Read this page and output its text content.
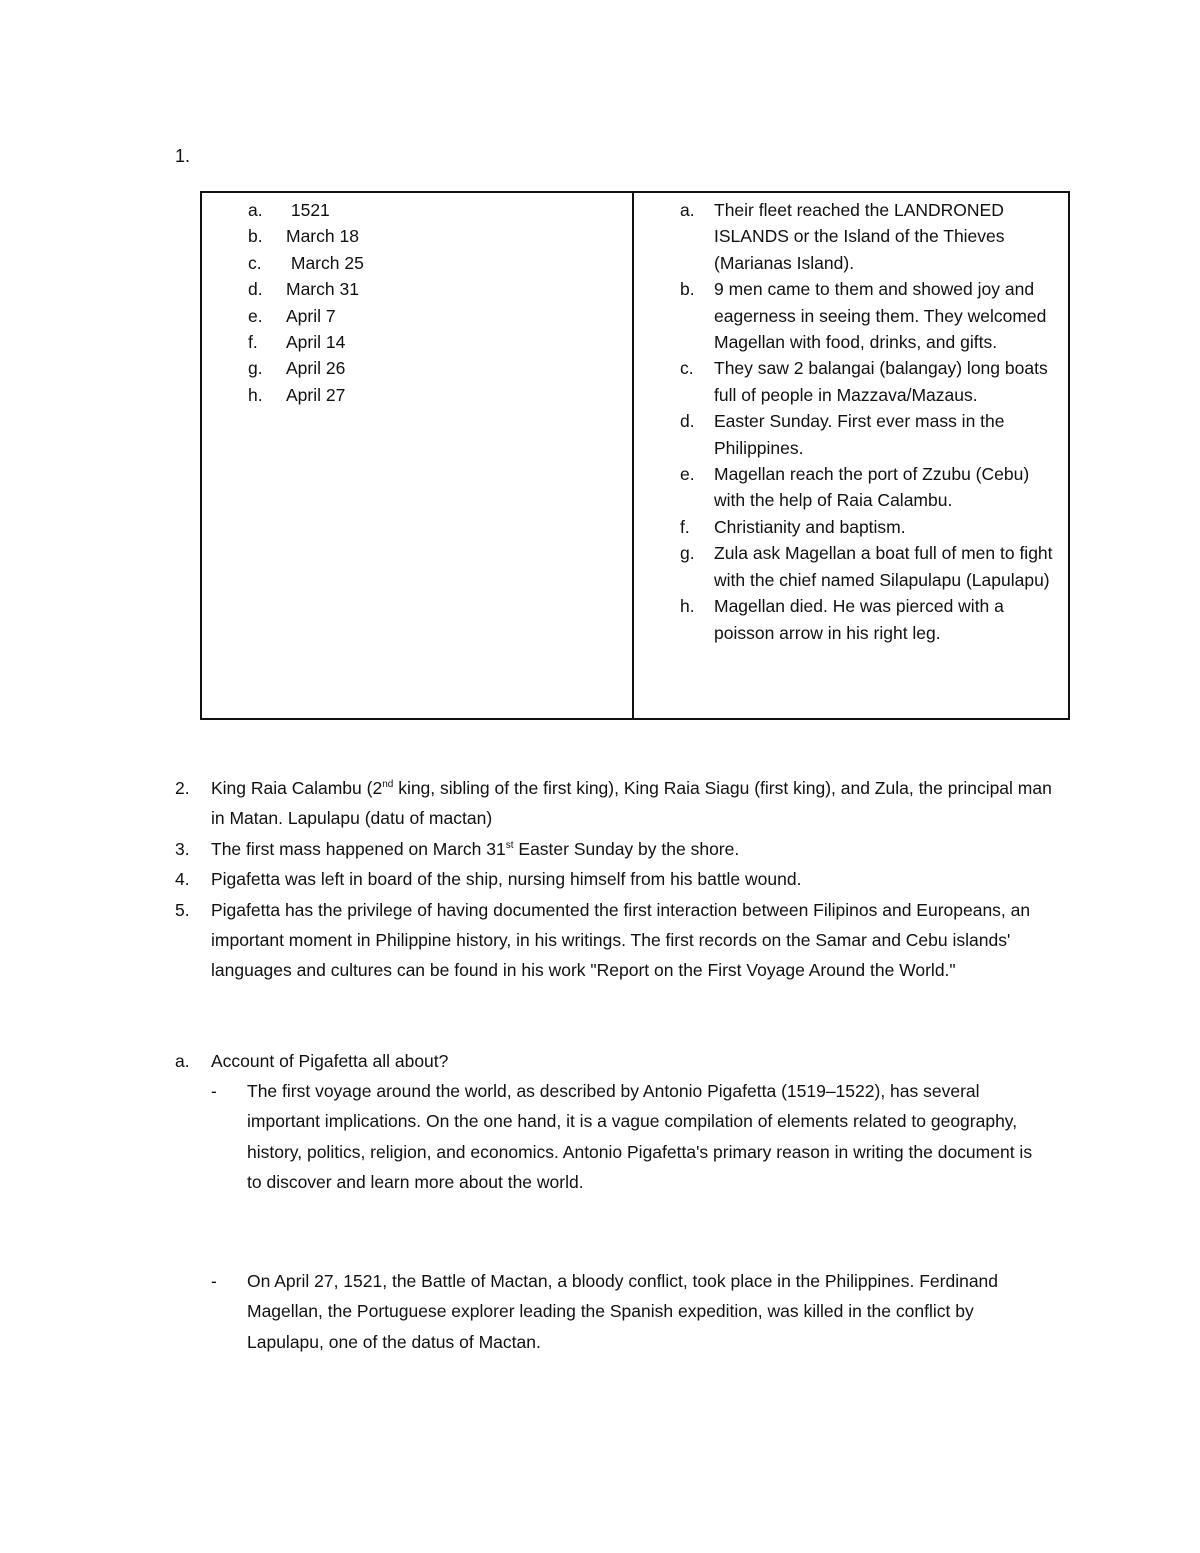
1.
a.	1521
b.	March 18
c.	March 25
d.	March 31
e.	April 7
f.	April 14
g.	April 26
h.	April 27
a.	Their fleet reached the LANDRONED ISLANDS or the Island of the Thieves (Marianas Island).
b.	9 men came to them and showed joy and eagerness in seeing them. They welcomed Magellan with food, drinks, and gifts.
c.	They saw 2 balangai (balangay) long boats full of people in Mazzava/Mazaus.
d.	Easter Sunday. First ever mass in the Philippines.
e.	Magellan reach the port of Zzubu (Cebu) with the help of Raia Calambu.
f.	Christianity and baptism.
g.	Zula ask Magellan a boat full of men to fight with the chief named Silapulapu (Lapulapu)
h.	Magellan died. He was pierced with a poisson arrow in his right leg.
2.	King Raia Calambu (2nd king, sibling of the first king), King Raia Siagu (first king), and Zula, the principal man in Matan. Lapulapu (datu of mactan)
3.	The first mass happened on March 31st Easter Sunday by the shore.
4.	Pigafetta was left in board of the ship, nursing himself from his battle wound.
5.	Pigafetta has the privilege of having documented the first interaction between Filipinos and Europeans, an important moment in Philippine history, in his writings. The first records on the Samar and Cebu islands' languages and cultures can be found in his work "Report on the First Voyage Around the World."
a.	Account of Pigafetta all about?
-	The first voyage around the world, as described by Antonio Pigafetta (1519–1522), has several important implications. On the one hand, it is a vague compilation of elements related to geography, history, politics, religion, and economics. Antonio Pigafetta's primary reason in writing the document is to discover and learn more about the world.
-	On April 27, 1521, the Battle of Mactan, a bloody conflict, took place in the Philippines. Ferdinand Magellan, the Portuguese explorer leading the Spanish expedition, was killed in the conflict by Lapulapu, one of the datus of Mactan.
